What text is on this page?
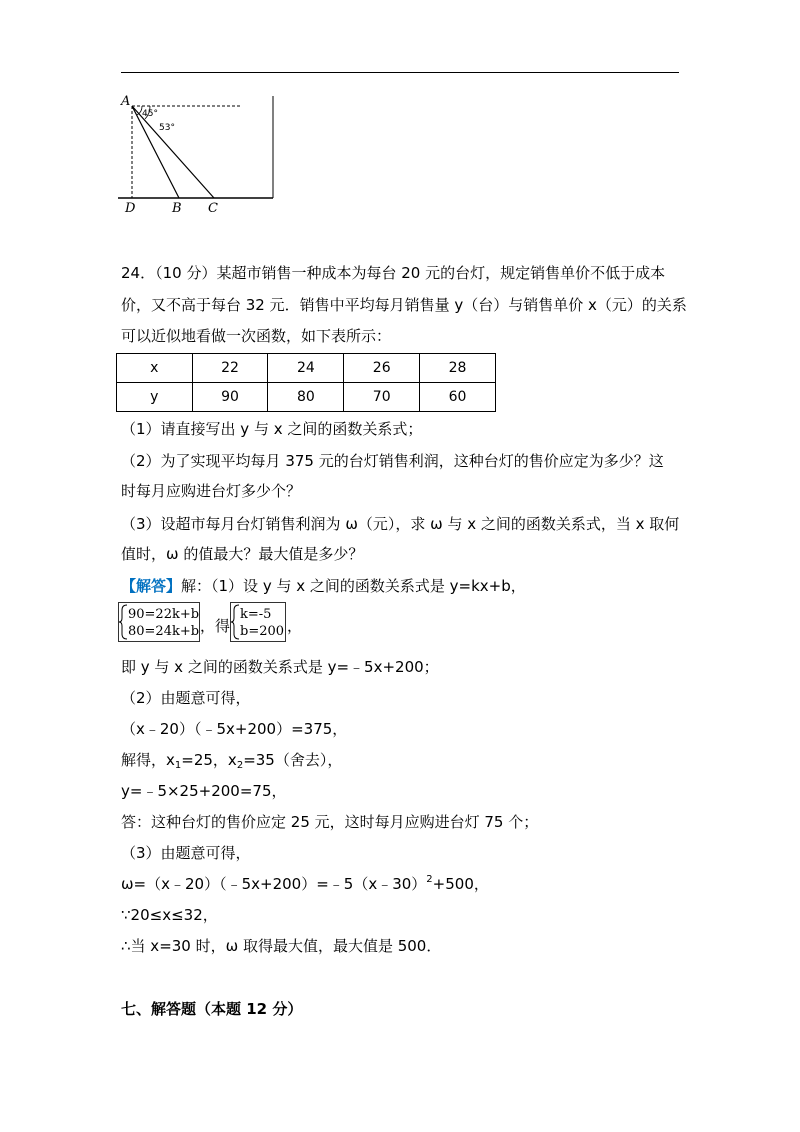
A
45°
53°
D	B C
24．（10 分）某超市销售一种成本为每台 20 元的台灯，规定销售单价不低于成本
价，又不高于每台 32 元．销售中平均每月销售量 y（台）与销售单价 x（元）的关系
可以近似地看做一次函数，如下表所示：
x	22	24	26	28
y	90	80	70	60
（1）请直接写出 y 与 x 之间的函数关系式；
（2）为了实现平均每月 375 元的台灯销售利润，这种台灯的售价应定为多少？这
时每月应购进台灯多少个？
（3）设超市每月台灯销售利润为 ω（元），求 ω 与 x 之间的函数关系式，当 x 取何
值时，ω 的值最大？最大值是多少？
【解答】解：（1）设 y 与 x 之间的函数关系式是 y=kx+b，
90=22k+b
80=24k+b ，得
k=-5
b=200 ，
即 y 与 x 之间的函数关系式是 y=﹣5x+200；
（2）由题意可得，
（x﹣20）（﹣5x+200）=375，
解得，$x_1=25$，$x_2=35$（舍去），
y=﹣5×25+200=75，
答：这种台灯的售价应定 25 元，这时每月应购进台灯 75 个；
（3）由题意可得，
ω=（x﹣20）（﹣5x+200）=﹣5（x﹣30）$^2$+500，
∵20≤x≤32，
∴当 x=30 时，ω 取得最大值，最大值是 500．
七、解答题（本题 12 分）
